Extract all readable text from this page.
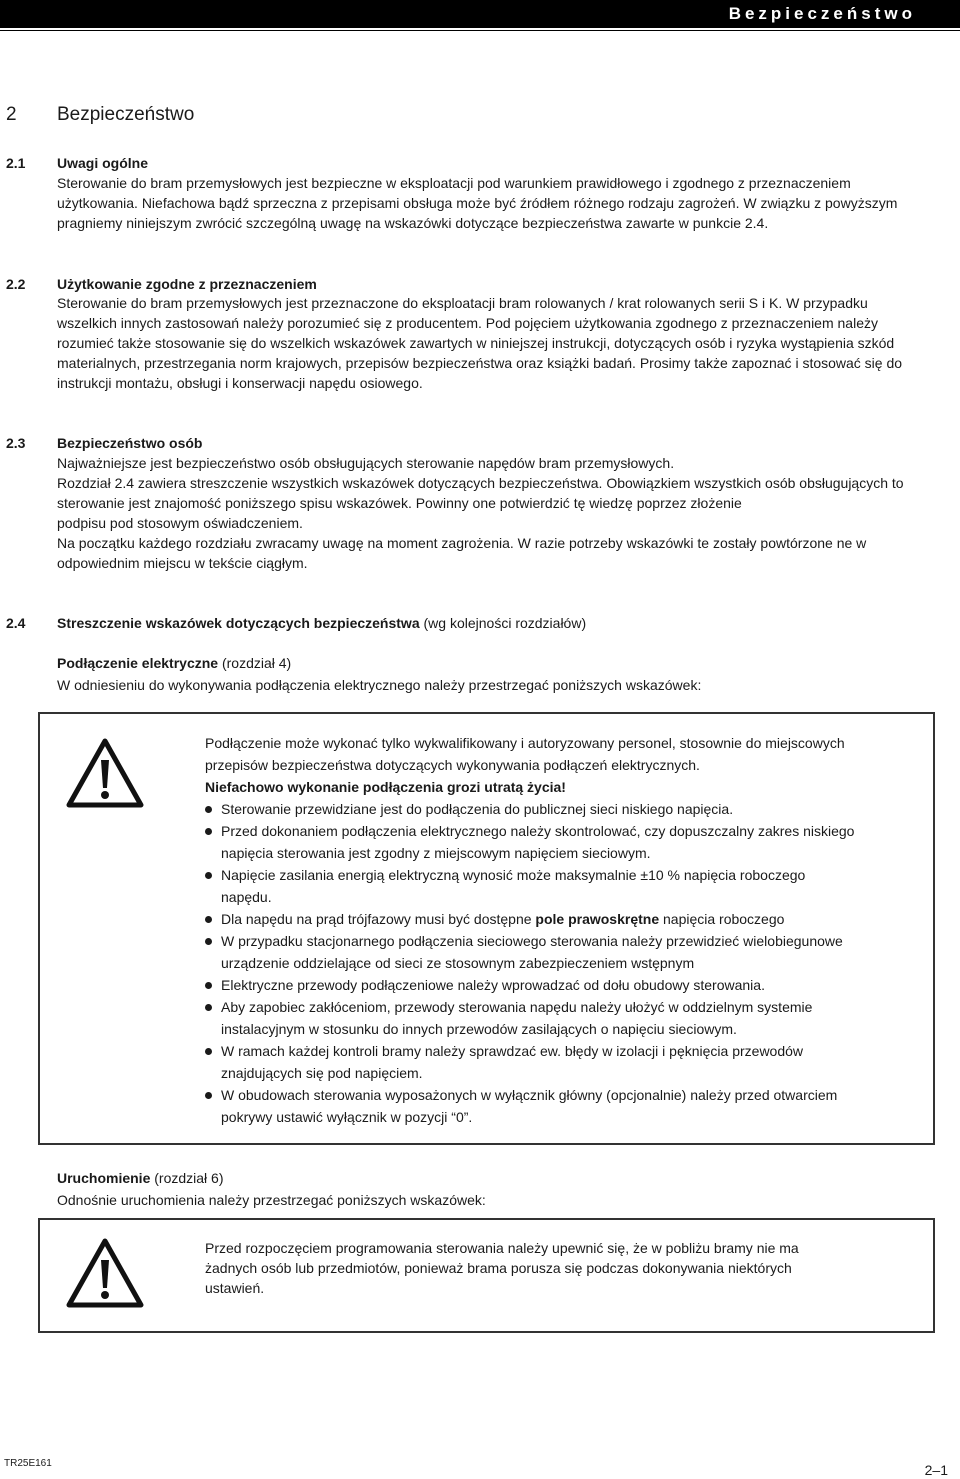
Bezpieczeństwo
2 Bezpieczeństwo
2.1 Uwagi ogólne
Sterowanie do bram przemysłowych jest bezpieczne w eksploatacji pod warunkiem prawidłowego i zgodnego z przeznaczeniem
użytkowania. Niefachowa bądź sprzeczna z przepisami obsługa może być źródłem różnego rodzaju zagrożeń. W związku z powyższym
pragniemy niniejszym zwrócić szczególną uwagę na wskazówki dotyczące bezpieczeństwa zawarte w punkcie 2.4.
2.2 Użytkowanie zgodne z przeznaczeniem
Sterowanie do bram przemysłowych jest przeznaczone do eksploatacji bram rolowanych / krat rolowanych serii S i K. W przypadku
wszelkich innych zastosowań należy porozumieć się z producentem. Pod pojęciem użytkowania zgodnego z przeznaczeniem należy
rozumieć także stosowanie się do wszelkich wskazówek zawartych w niniejszej instrukcji, dotyczących osób i ryzyka wystąpienia szkód
materialnych, przestrzegania norm krajowych, przepisów bezpieczeństwa oraz książki badań. Prosimy także zapoznać i stosować się do
instrukcji montażu, obsługi i konserwacji napędu osiowego.
2.3 Bezpieczeństwo osób
Najważniejsze jest bezpieczeństwo osób obsługujących sterowanie napędów bram przemysłowych.
Rozdział 2.4 zawiera streszczenie wszystkich wskazówek dotyczących bezpieczeństwa. Obowiązkiem wszystkich osób obsługujących to
sterowanie jest znajomość poniższego spisu wskazówek. Powinny one potwierdzić tę wiedzę poprzez złożenie
podpisu pod stosowym oświadczeniem.
Na początku każdego rozdziału zwracamy uwagę na moment zagrożenia. W razie potrzeby wskazówki te zostały powtórzone ne w
odpowiednim miejscu w tekście ciągłym.
2.4 Streszczenie wskazówek dotyczących bezpieczeństwa (wg kolejności rozdziałów)
Podłączenie elektryczne (rozdział 4)
W odniesieniu do wykonywania podłączenia elektrycznego należy przestrzegać poniższych wskazówek:
Podłączenie może wykonać tylko wykwalifikowany i autoryzowany personel, stosownie do miejscowych
przepisów bezpieczeństwa dotyczących wykonywania podłączeń elektrycznych.
Niefachowo wykonanie podłączenia grozi utratą życia!
Sterowanie przewidziane jest do podłączenia do publicznej sieci niskiego napięcia.
Przed dokonaniem podłączenia elektrycznego należy skontrolować, czy dopuszczalny zakres niskiego
napięcia sterowania jest zgodny z miejscowym napięciem sieciowym.
Napięcie zasilania energią elektryczną wynosić może maksymalnie ±10 % napięcia roboczego
napędu.
Dla napędu na prąd trójfazowy musi być dostępne pole prawoskrętne napięcia roboczego
W przypadku stacjonarnego podłączenia sieciowego sterowania należy przewidzieć wielobiegunowe
urządzenie oddzielające od sieci ze stosownym zabezpieczeniem wstępnym
Elektryczne przewody podłączeniowe należy wprowadzać od dołu obudowy sterowania.
Aby zapobiec zakłóceniom, przewody sterowania napędu należy ułożyć w oddzielnym systemie
instalacyjnym w stosunku do innych przewodów zasilających o napięciu sieciowym.
W ramach każdej kontroli bramy należy sprawdzać ew. błędy w izolacji i pęknięcia przewodów
znajdujących się pod napięciem.
W obudowach sterowania wyposażonych w wyłącznik główny (opcjonalnie) należy przed otwarciem
pokrywy ustawić wyłącznik w pozycji “0”.
Uruchomienie (rozdział 6)
Odnośnie uruchomienia należy przestrzegać poniższych wskazówek:
Przed rozpoczęciem programowania sterowania należy upewnić się, że w pobliżu bramy nie ma
żadnych osób lub przedmiotów, ponieważ brama porusza się podczas dokonywania niektórych
ustawień.
TR25E161	2–1
